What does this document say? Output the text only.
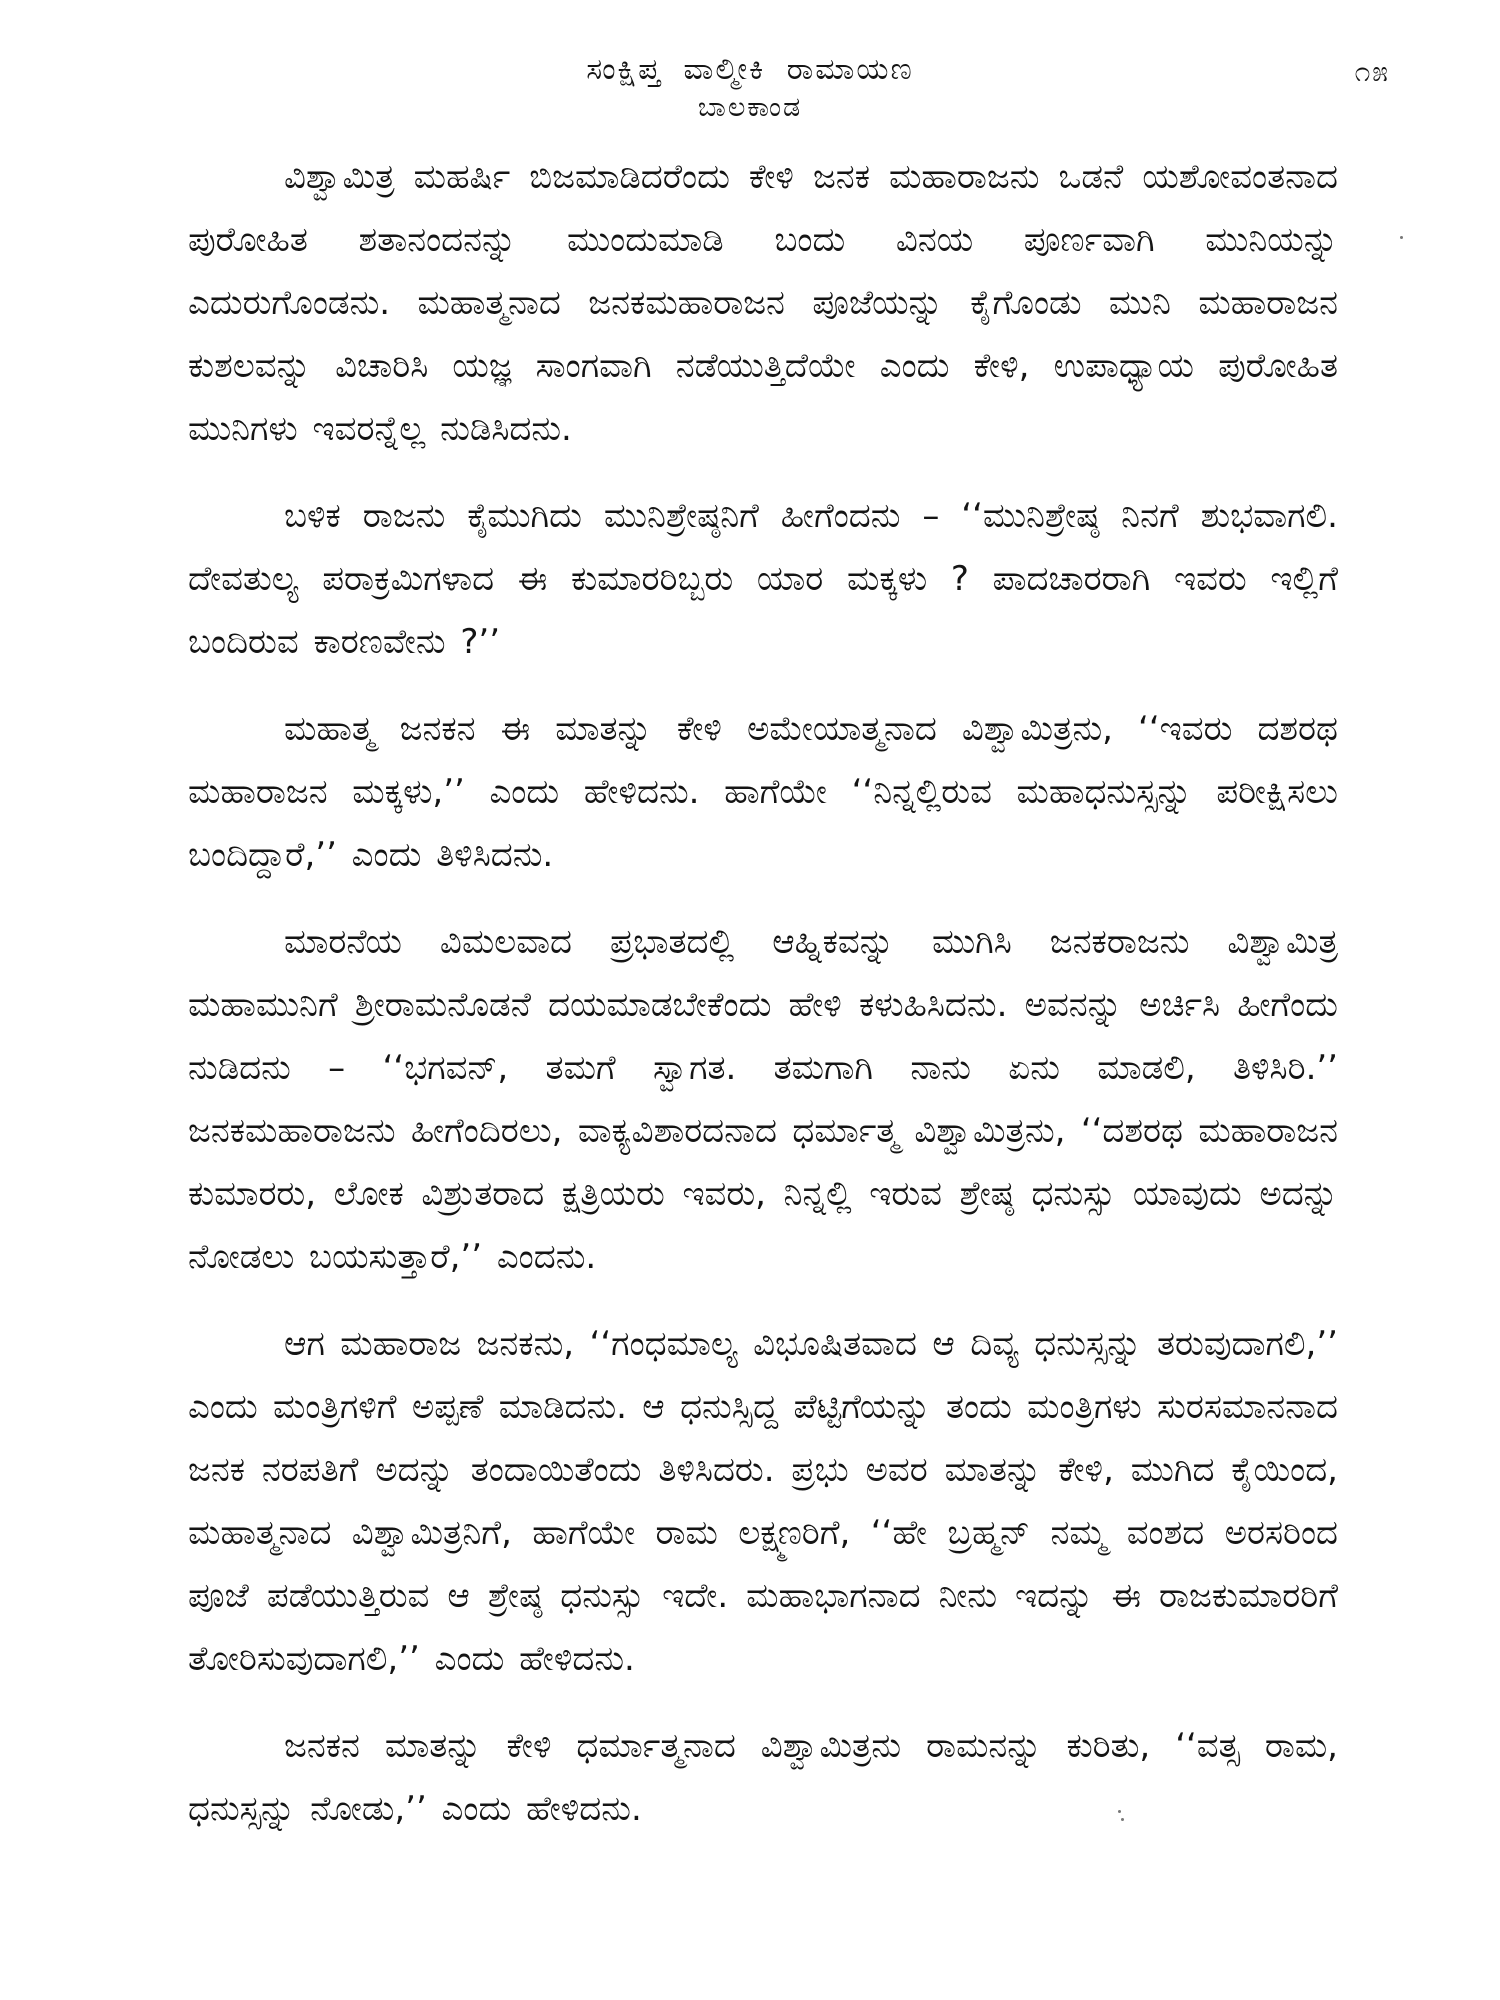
ಸಂಕ್ಷಿಪ್ತ ವಾಲ್ಮೀಕಿ ರಾಮಾಯಣ
ಬಾಲಕಾಂಡ
೧೫

ವಿಶ್ವಾಮಿತ್ರ ಮಹರ್ಷಿ ಬಿಜಮಾಡಿದರೆಂದು ಕೇಳಿ ಜನಕ ಮಹಾರಾಜನು ಒಡನೆ ಯಶೋವಂತನಾದ ಪುರೋಹಿತ ಶತಾನಂದನನ್ನು ಮುಂದುಮಾಡಿ ಬಂದು ವಿನಯ ಪೂರ್ಣವಾಗಿ ಮುನಿಯನ್ನು ಎದುರುಗೊಂಡನು. ಮಹಾತ್ಮನಾದ ಜನಕಮಹಾರಾಜನ ಪೂಜೆಯನ್ನು ಕೈಗೊಂಡು ಮುನಿ ಮಹಾರಾಜನ ಕುಶಲವನ್ನು ವಿಚಾರಿಸಿ ಯಜ್ಞ ಸಾಂಗವಾಗಿ ನಡೆಯುತ್ತಿದೆಯೇ ಎಂದು ಕೇಳಿ, ಉಪಾಧ್ಯಾಯ ಪುರೋಹಿತ ಮುನಿಗಳು ಇವರನ್ನೆಲ್ಲ ನುಡಿಸಿದನು.

ಬಳಿಕ ರಾಜನು ಕೈಮುಗಿದು ಮುನಿಶ್ರೇಷ್ಠನಿಗೆ ಹೀಗೆಂದನು – ‘‘ಮುನಿಶ್ರೇಷ್ಠ ನಿನಗೆ ಶುಭವಾಗಲಿ. ದೇವತುಲ್ಯ ಪರಾಕ್ರಮಿಗಳಾದ ಈ ಕುಮಾರರಿಬ್ಬರು ಯಾರ ಮಕ್ಕಳು ? ಪಾದಚಾರರಾಗಿ ಇವರು ಇಲ್ಲಿಗೆ ಬಂದಿರುವ ಕಾರಣವೇನು ?’’

ಮಹಾತ್ಮ ಜನಕನ ಈ ಮಾತನ್ನು ಕೇಳಿ ಅಮೇಯಾತ್ಮನಾದ ವಿಶ್ವಾಮಿತ್ರನು, ‘‘ಇವರು ದಶರಥ ಮಹಾರಾಜನ ಮಕ್ಕಳು,’’ ಎಂದು ಹೇಳಿದನು. ಹಾಗೆಯೇ ‘‘ನಿನ್ನಲ್ಲಿರುವ ಮಹಾಧನುಸ್ಸನ್ನು ಪರೀಕ್ಷಿಸಲು ಬಂದಿದ್ದಾರೆ,’’ ಎಂದು ತಿಳಿಸಿದನು.

ಮಾರನೆಯ ವಿಮಲವಾದ ಪ್ರಭಾತದಲ್ಲಿ ಆಹ್ನಿಕವನ್ನು ಮುಗಿಸಿ ಜನಕರಾಜನು ವಿಶ್ವಾಮಿತ್ರ ಮಹಾಮುನಿಗೆ ಶ್ರೀರಾಮನೊಡನೆ ದಯಮಾಡಬೇಕೆಂದು ಹೇಳಿ ಕಳುಹಿಸಿದನು. ಅವನನ್ನು ಅರ್ಚಿಸಿ ಹೀಗೆಂದು ನುಡಿದನು – ‘‘ಭಗವನ್, ತಮಗೆ ಸ್ವಾಗತ. ತಮಗಾಗಿ ನಾನು ಏನು ಮಾಡಲಿ, ತಿಳಿಸಿರಿ.’’ ಜನಕಮಹಾರಾಜನು ಹೀಗೆಂದಿರಲು, ವಾಕ್ಯವಿಶಾರದನಾದ ಧರ್ಮಾತ್ಮ ವಿಶ್ವಾಮಿತ್ರನು, ‘‘ದಶರಥ ಮಹಾರಾಜನ ಕುಮಾರರು, ಲೋಕ ವಿಶ್ರುತರಾದ ಕ್ಷತ್ರಿಯರು ಇವರು, ನಿನ್ನಲ್ಲಿ ಇರುವ ಶ್ರೇಷ್ಠ ಧನುಸ್ಸು ಯಾವುದು ಅದನ್ನು ನೋಡಲು ಬಯಸುತ್ತಾರೆ,’’ ಎಂದನು.

ಆಗ ಮಹಾರಾಜ ಜನಕನು, ‘‘ಗಂಧಮಾಲ್ಯ ವಿಭೂಷಿತವಾದ ಆ ದಿವ್ಯ ಧನುಸ್ಸನ್ನು ತರುವುದಾಗಲಿ,’’ ಎಂದು ಮಂತ್ರಿಗಳಿಗೆ ಅಪ್ಪಣೆ ಮಾಡಿದನು. ಆ ಧನುಸ್ಸಿದ್ದ ಪೆಟ್ಟಿಗೆಯನ್ನು ತಂದು ಮಂತ್ರಿಗಳು ಸುರಸಮಾನನಾದ ಜನಕ ನರಪತಿಗೆ ಅದನ್ನು ತಂದಾಯಿತೆಂದು ತಿಳಿಸಿದರು. ಪ್ರಭು ಅವರ ಮಾತನ್ನು ಕೇಳಿ, ಮುಗಿದ ಕೈಯಿಂದ, ಮಹಾತ್ಮನಾದ ವಿಶ್ವಾಮಿತ್ರನಿಗೆ, ಹಾಗೆಯೇ ರಾಮ ಲಕ್ಷ್ಮಣರಿಗೆ, ‘‘ಹೇ ಬ್ರಹ್ಮನ್ ನಮ್ಮ ವಂಶದ ಅರಸರಿಂದ ಪೂಜೆ ಪಡೆಯುತ್ತಿರುವ ಆ ಶ್ರೇಷ್ಠ ಧನುಸ್ಸು ಇದೇ. ಮಹಾಭಾಗನಾದ ನೀನು ಇದನ್ನು ಈ ರಾಜಕುಮಾರರಿಗೆ ತೋರಿಸುವುದಾಗಲಿ,’’ ಎಂದು ಹೇಳಿದನು.

ಜನಕನ ಮಾತನ್ನು ಕೇಳಿ ಧರ್ಮಾತ್ಮನಾದ ವಿಶ್ವಾಮಿತ್ರನು ರಾಮನನ್ನು ಕುರಿತು, ‘‘ವತ್ಸ ರಾಮ, ಧನುಸ್ಸನ್ನು ನೋಡು,’’ ಎಂದು ಹೇಳಿದನು.
